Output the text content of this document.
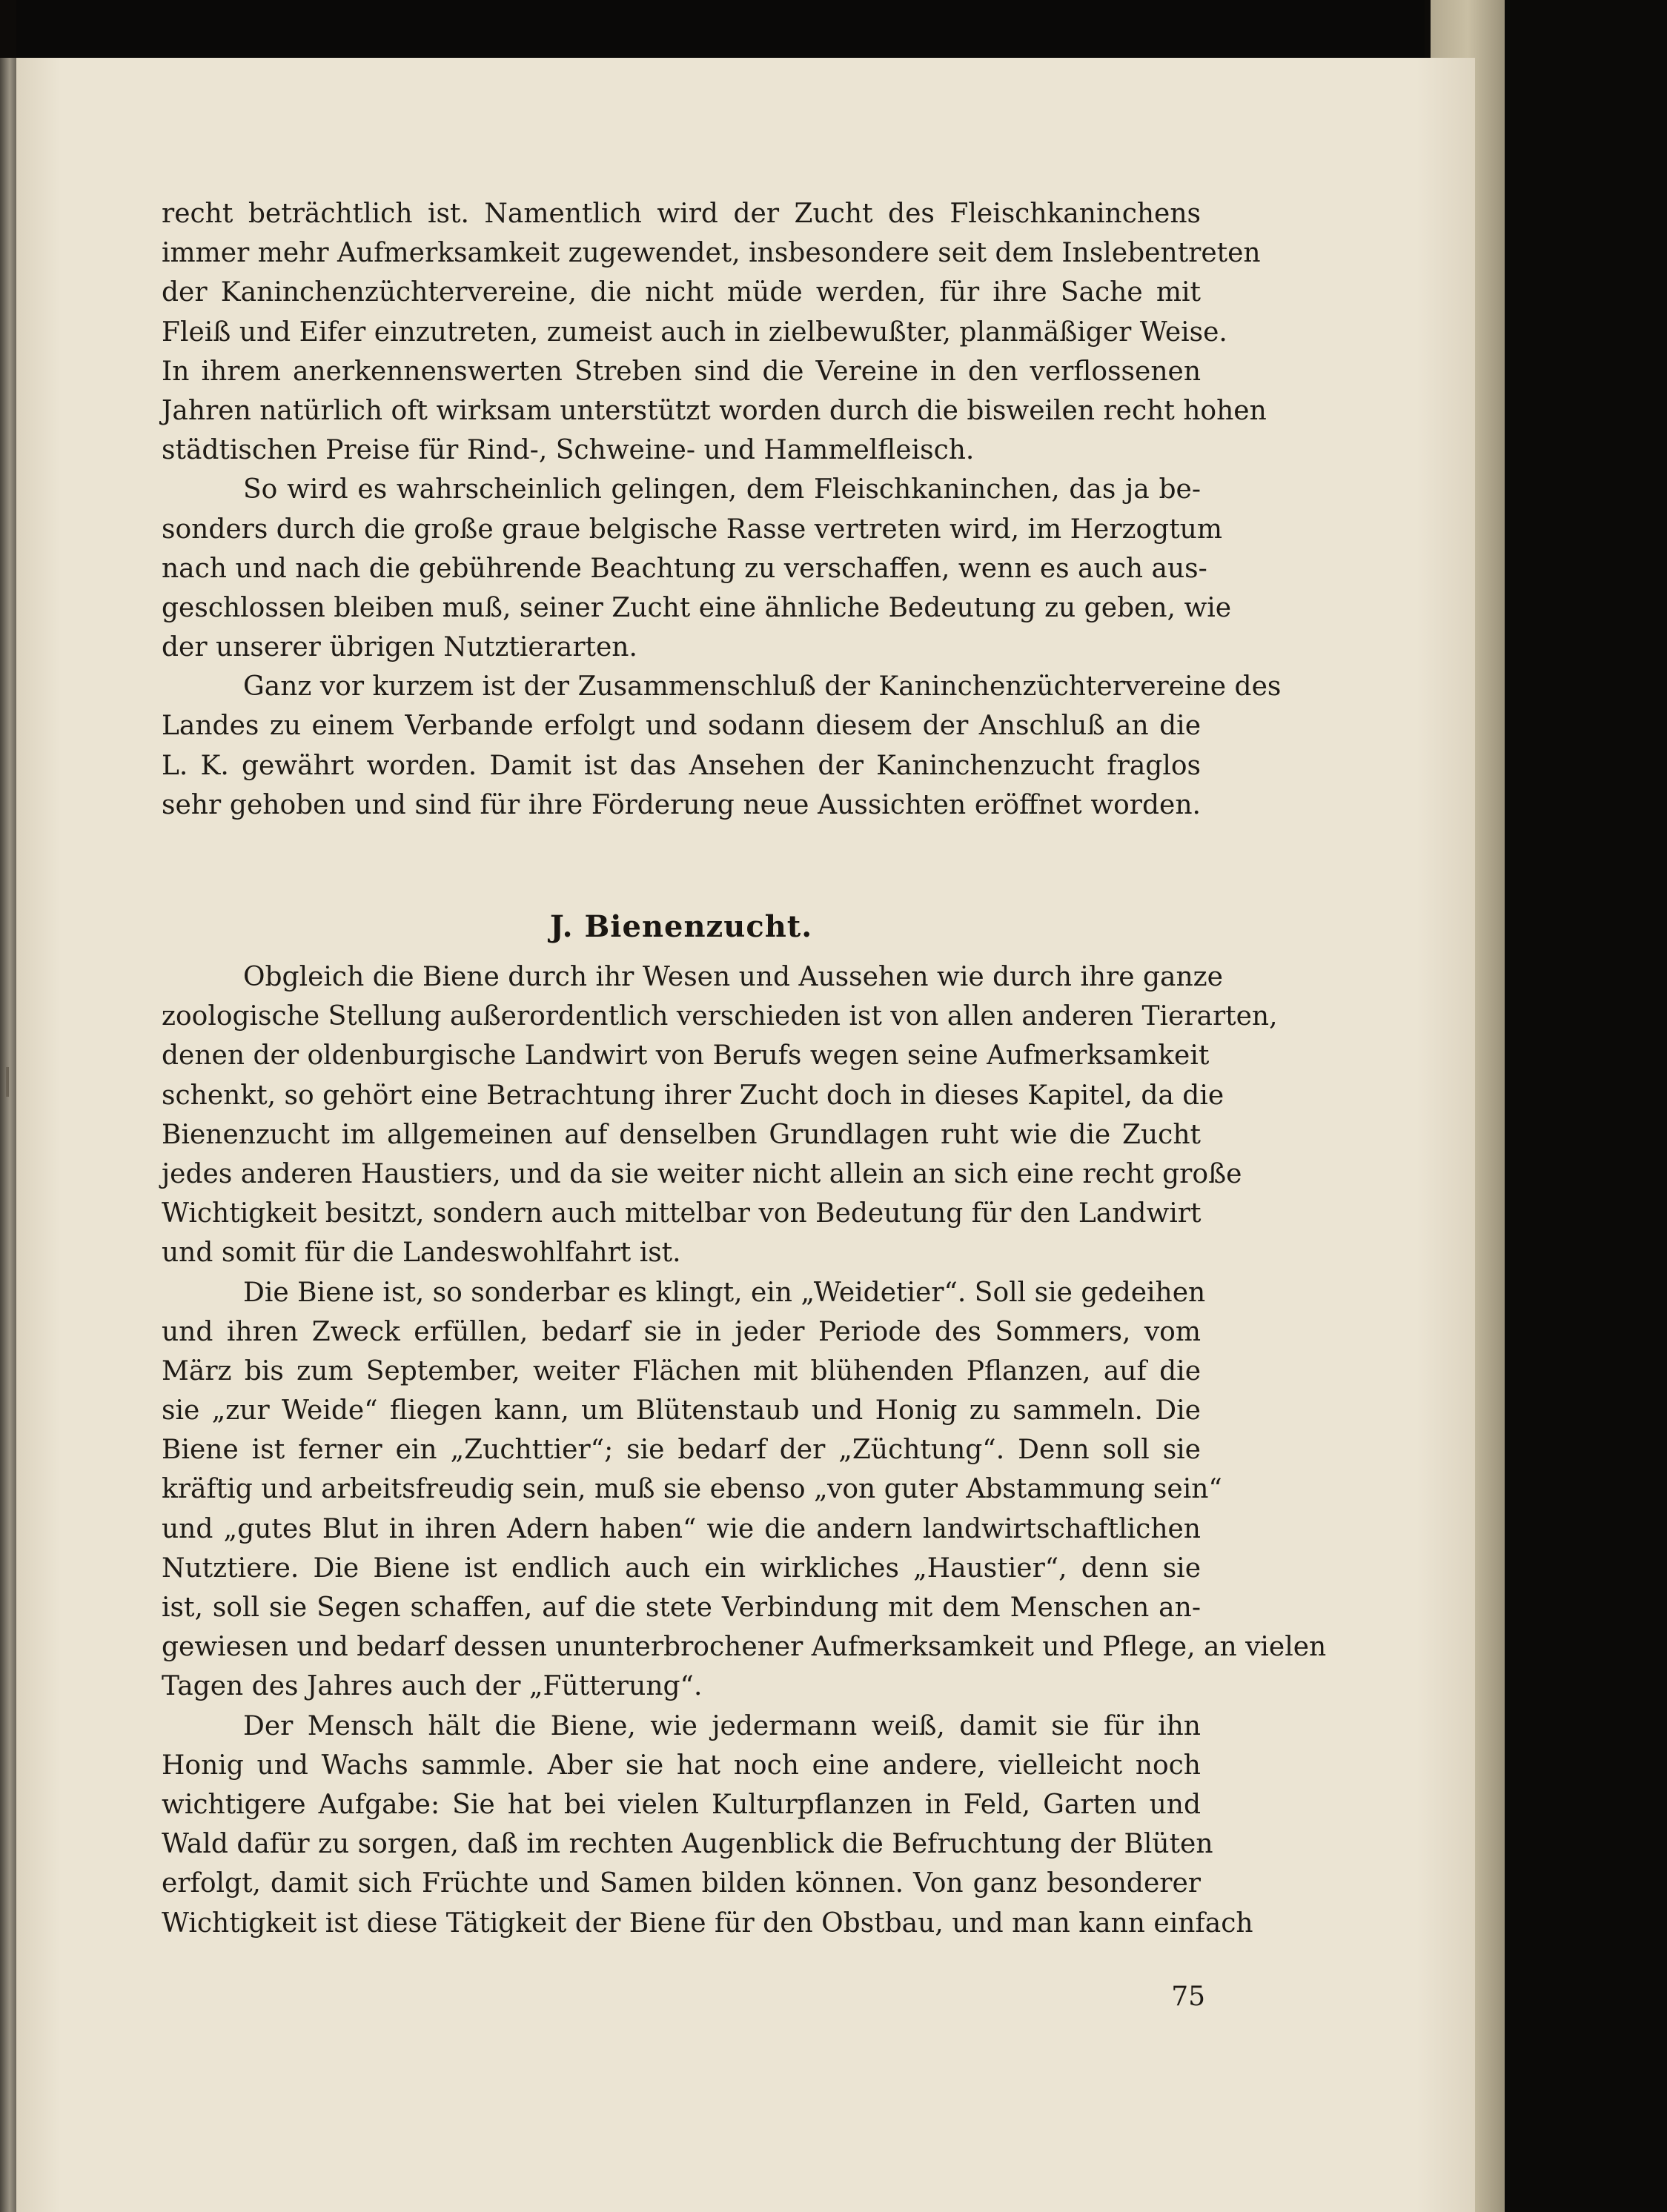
recht beträchtlich ist. Namentlich wird der Zucht des Fleischkaninchens
immer mehr Aufmerksamkeit zugewendet, insbesondere seit dem Inslebentreten
der Kaninchenzüchtervereine, die nicht müde werden, für ihre Sache mit
Fleiß und Eifer einzutreten, zumeist auch in zielbewußter, planmäßiger Weise.
In ihrem anerkennenswerten Streben sind die Vereine in den verflossenen
Jahren natürlich oft wirksam unterstützt worden durch die bisweilen recht hohen
städtischen Preise für Rind-, Schweine- und Hammelfleisch.
So wird es wahrscheinlich gelingen, dem Fleischkaninchen, das ja be-
sonders durch die große graue belgische Rasse vertreten wird, im Herzogtum
nach und nach die gebührende Beachtung zu verschaffen, wenn es auch aus-
geschlossen bleiben muß, seiner Zucht eine ähnliche Bedeutung zu geben, wie
der unserer übrigen Nutztierarten.
Ganz vor kurzem ist der Zusammenschluß der Kaninchenzüchtervereine des
Landes zu einem Verbande erfolgt und sodann diesem der Anschluß an die
L. K. gewährt worden. Damit ist das Ansehen der Kaninchenzucht fraglos
sehr gehoben und sind für ihre Förderung neue Aussichten eröffnet worden.
J. Bienenzucht.
Obgleich die Biene durch ihr Wesen und Aussehen wie durch ihre ganze
zoologische Stellung außerordentlich verschieden ist von allen anderen Tierarten,
denen der oldenburgische Landwirt von Berufs wegen seine Aufmerksamkeit
schenkt, so gehört eine Betrachtung ihrer Zucht doch in dieses Kapitel, da die
Bienenzucht im allgemeinen auf denselben Grundlagen ruht wie die Zucht
jedes anderen Haustiers, und da sie weiter nicht allein an sich eine recht große
Wichtigkeit besitzt, sondern auch mittelbar von Bedeutung für den Landwirt
und somit für die Landeswohlfahrt ist.
Die Biene ist, so sonderbar es klingt, ein „Weidetier“. Soll sie gedeihen
und ihren Zweck erfüllen, bedarf sie in jeder Periode des Sommers, vom
März bis zum September, weiter Flächen mit blühenden Pflanzen, auf die
sie „zur Weide“ fliegen kann, um Blütenstaub und Honig zu sammeln. Die
Biene ist ferner ein „Zuchttier“; sie bedarf der „Züchtung“. Denn soll sie
kräftig und arbeitsfreudig sein, muß sie ebenso „von guter Abstammung sein“
und „gutes Blut in ihren Adern haben“ wie die andern landwirtschaftlichen
Nutztiere. Die Biene ist endlich auch ein wirkliches „Haustier“, denn sie
ist, soll sie Segen schaffen, auf die stete Verbindung mit dem Menschen an-
gewiesen und bedarf dessen ununterbrochener Aufmerksamkeit und Pflege, an vielen
Tagen des Jahres auch der „Fütterung“.
Der Mensch hält die Biene, wie jedermann weiß, damit sie für ihn
Honig und Wachs sammle. Aber sie hat noch eine andere, vielleicht noch
wichtigere Aufgabe: Sie hat bei vielen Kulturpflanzen in Feld, Garten und
Wald dafür zu sorgen, daß im rechten Augenblick die Befruchtung der Blüten
erfolgt, damit sich Früchte und Samen bilden können. Von ganz besonderer
Wichtigkeit ist diese Tätigkeit der Biene für den Obstbau, und man kann einfach
75
